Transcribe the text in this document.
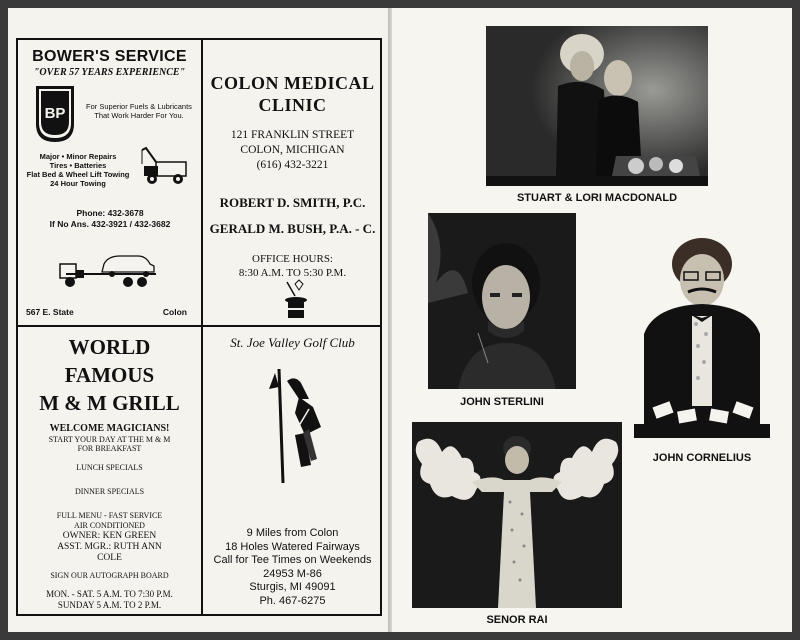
BOWER'S SERVICE
"OVER 57 YEARS EXPERIENCE"
BP	For Superior Fuels & Lubricants
That Work Harder For You.
Major • Minor Repairs
Tires • Batteries
Flat Bed & Wheel Lift Towing
24 Hour Towing
Phone: 432-3678
If No Ans. 432-3921 / 432-3682
567 E. State	Colon
COLON MEDICAL
CLINIC
121 FRANKLIN STREET
COLON, MICHIGAN
(616) 432-3221
ROBERT D. SMITH, P.C.
GERALD M. BUSH, P.A. - C.
OFFICE HOURS:
8:30 A.M. TO 5:30 P.M.
WORLD
FAMOUS
M & M GRILL
WELCOME MAGICIANS!
START YOUR DAY AT THE M & M
FOR BREAKFAST
LUNCH SPECIALS
DINNER SPECIALS
FULL MENU - FAST SERVICE
AIR CONDITIONED
OWNER: KEN GREEN
ASST. MGR.: RUTH ANN
COLE
SIGN OUR AUTOGRAPH BOARD
MON. - SAT. 5 A.M. TO 7:30 P.M.
SUNDAY 5 A.M. TO 2 P.M.
St. Joe Valley Golf Club
9 Miles from Colon
18 Holes Watered Fairways
Call for Tee Times on Weekends
24953 M-86
Sturgis, MI 49091
Ph. 467-6275
STUART & LORI MACDONALD
JOHN STERLINI
JOHN CORNELIUS
SENOR RAI
